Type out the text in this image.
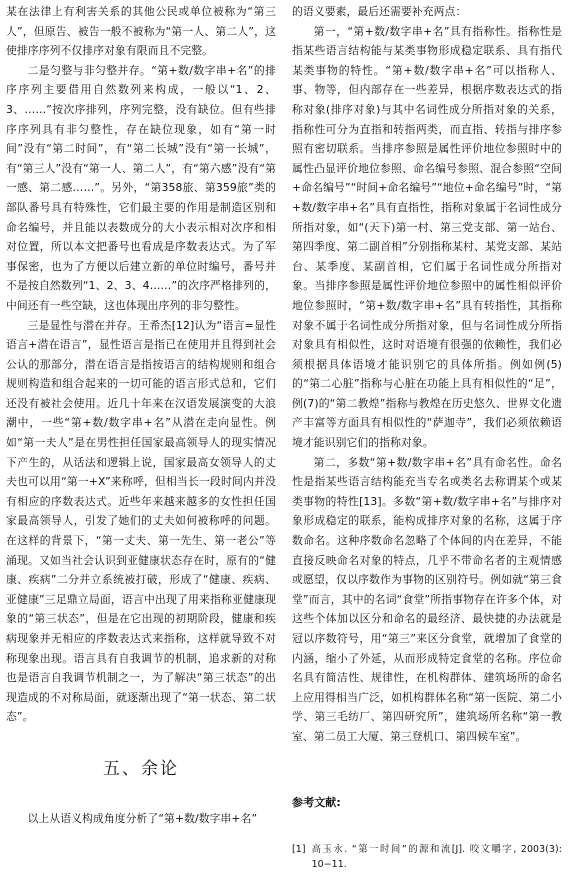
某在法律上有利害关系的其他公民或单位被称为“第三人”，但原告、被告一般不被称为“第一人、第二人”，这使排序序列不仅排序对象有限而且不完整。

二是匀整与非匀整并存。“第+数/数字串+名”的排序序列主要借用自然数列来构成，一般以“1、2、3、……”按次序排列，序列完整，没有缺位。但有些排序序列具有非匀整性，存在缺位现象，如有“第一时间”没有“第二时间”，有“第二长城”没有“第一长城”，有“第三人”没有“第一人、第二人”，有“第六感”没有“第一感、第二感……”。另外，“第358旅、第359旅”类的部队番号具有特殊性，它们最主要的作用是制造区别和命名编号，并且能以表数成分的大小表示相对次序和相对位置，所以本文把番号也看成是序数表达式。为了军事保密，也为了方便以后建立新的单位时编号，番号并不是按自然数列“1、2、3、4……”的次序严格排列的，中间还有一些空缺，这也体现出序列的非匀整性。

三是显性与潜在并存。王希杰[12]认为“语言=显性语言+潜在语言”，显性语言是指已在使用并且得到社会公认的那部分，潜在语言是指按语言的结构规则和组合规则构造和组合起来的一切可能的语言形式总和，它们还没有被社会使用。近几十年来在汉语发展演变的大浪潮中，一些“第+数/数字串+名”从潜在走向显性。例如“第一夫人”是在男性担任国家最高领导人的现实情况下产生的，从话法和逻辑上说，国家最高女领导人的丈夫也可以用“第一+X”来称呼，但相当长一段时间内并没有相应的序数表达式。近些年来越来越多的女性担任国家最高领导人，引发了她们的丈夫如何被称呼的问题。在这样的背景下，“第一丈夫、第一先生、第一老公”等涌现。又如当社会认识到亚健康状态存在时，原有的“健康、疾病”二分并立系统被打破，形成了“健康、疾病、亚健康”三足鼎立局面，语言中出现了用来指称亚健康现象的“第三状态”，但是在它出现的初期阶段，健康和疾病现象并无相应的序数表达式来指称，这样就导致不对称现象出现。语言具有自我调节的机制，追求新的对称也是语言自我调节机制之一，为了解决“第三状态”的出现造成的不对称局面，就逐渐出现了“第一状态、第二状态”。

五、余论

以上从语义构成角度分析了“第+数/数字串+名”

的语义要素，最后还需要补充两点：

第一，“第+数/数字串+名”具有指称性。指称性是指某些语言结构能与某类事物形成稳定联系、具有指代某类事物的特性。“第+数/数字串+名”可以指称人、事、物等，但内部存在一些差异，根据序数表达式的指称对象(排序对象)与其中名词性成分所指对象的关系，指称性可分为直指和转指两类，而直指、转指与排序参照有密切联系。当排序参照是属性评价地位参照时中的属性凸显评价地位参照、命名编号参照、混合参照“空间+命名编号”“时间+命名编号”“地位+命名编号”时，“第+数/数字串+名”具有直指性，指称对象属于名词性成分所指对象，如“(天下)第一村、第三党支部、第一站台、第四季度、第二副首相”分别指称某村、某党支部、某站台、某季度、某副首相，它们属于名词性成分所指对象。当排序参照是属性评价地位参照中的属性相似评价地位参照时，“第+数/数字串+名”具有转指性，其指称对象不属于名词性成分所指对象，但与名词性成分所指对象具有相似性，这时对语境有很强的依赖性，我们必须根据具体语境才能识别它的具体所指。例如例(5)的“第二心脏”指称与心脏在功能上具有相似性的“足”，例(7)的“第二教煌”指称与教煌在历史悠久、世界文化遗产丰富等方面具有相似性的“萨迦寺”，我们必须依赖语境才能识别它们的指称对象。

第二，多数“第+数/数字串+名”具有命名性。命名性是指某些语言结构能充当专名或类名去称谓某个或某类事物的特性[13]。多数“第+数/数字串+名”与排序对象形成稳定的联系，能构成排序对象的名称，这属于序数命名。这种序数命名忽略了个体间的内在差异，不能直接反映命名对象的特点，几乎不带命名者的主观情感或愿望，仅以序数作为事物的区别符号。例如就“第三食堂”而言，其中的名词“食堂”所指事物存在许多个体，对这些个体加以区分和命名的最经济、最快捷的办法就是冠以序数符号，用“第三”来区分食堂，就增加了食堂的内涵，缩小了外延，从而形成特定食堂的名称。序位命名具有简洁性、规律性，在机构群体、建筑场所的命名上应用得相当广泛，如机构群体名称“第一医院、第二小学、第三毛纺厂、第四研究所”，建筑场所名称“第一教室、第二员工大厦、第三登机口、第四候车室”。

参考文献:
[1] 高玉永. “第一时间”的源和流[J]. 咬文嚼字, 2003(3): 10−11.
